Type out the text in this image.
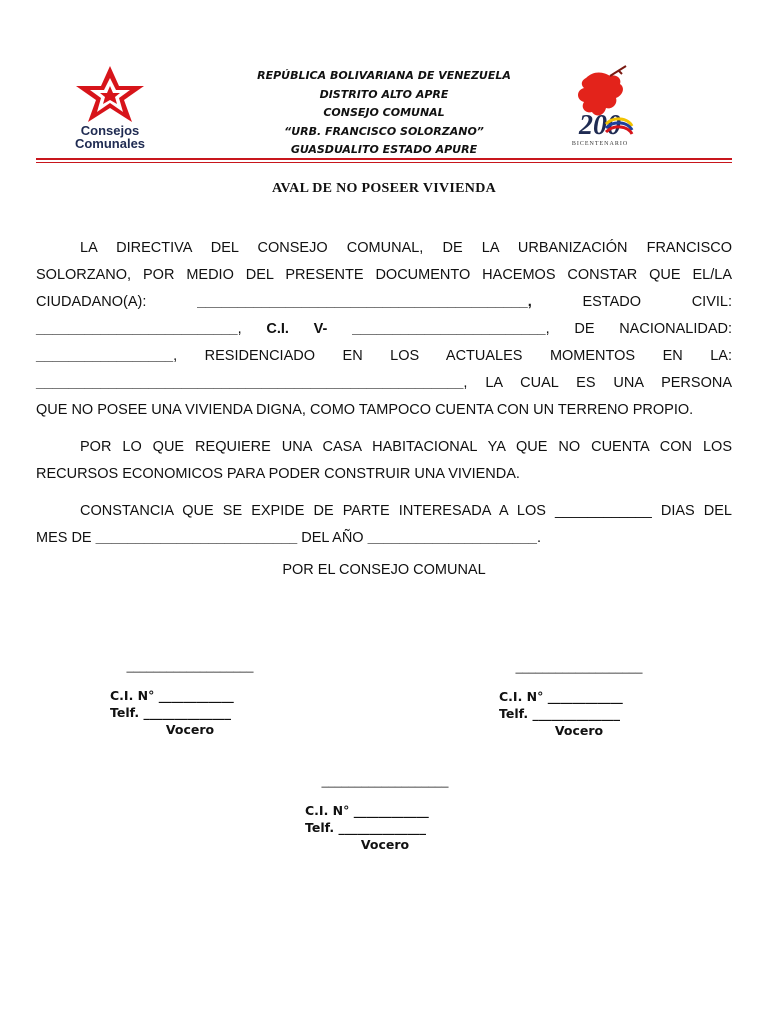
Consejos
Comunales
REPÚBLICA BOLIVARIANA DE VENEZUELA
DISTRITO ALTO APRE
CONSEJO COMUNAL
“URB. FRANCISCO SOLORZANO”
GUASDUALITO ESTADO APURE
200
BICENTENARIO
AVAL DE NO POSEER VIVIENDA
LA DIRECTIVA DEL CONSEJO COMUNAL, DE LA URBANIZACIÓN FRANCISCO
SOLORZANO, POR MEDIO DEL PRESENTE DOCUMENTO HACEMOS CONSTAR QUE EL/LA
CIUDADANO(A):	_________________________________________,	ESTADO CIVIL:
_________________________, C.I. V- ________________________, DE NACIONALIDAD:
_________________, RESIDENCIADO EN LOS ACTUALES MOMENTOS EN LA:
_____________________________________________________, LA CUAL ES UNA PERSONA
QUE NO POSEE UNA VIVIENDA DIGNA, COMO TAMPOCO CUENTA CON UN TERRENO PROPIO.
POR LO QUE REQUIERE UNA CASA HABITACIONAL YA QUE NO CUENTA CON LOS
RECURSOS ECONOMICOS PARA PODER CONSTRUIR UNA VIVIENDA.
CONSTANCIA QUE SE EXPIDE DE PARTE INTERESADA A LOS ____________ DIAS DEL
MES DE _________________________ DEL AÑO _____________________.
POR EL CONSEJO COMUNAL
___________________
C.I. N° ____________
Telf. ______________
Vocero
___________________
C.I. N° ____________
Telf. ______________
Vocero
___________________
C.I. N° ____________
Telf. ______________
Vocero
